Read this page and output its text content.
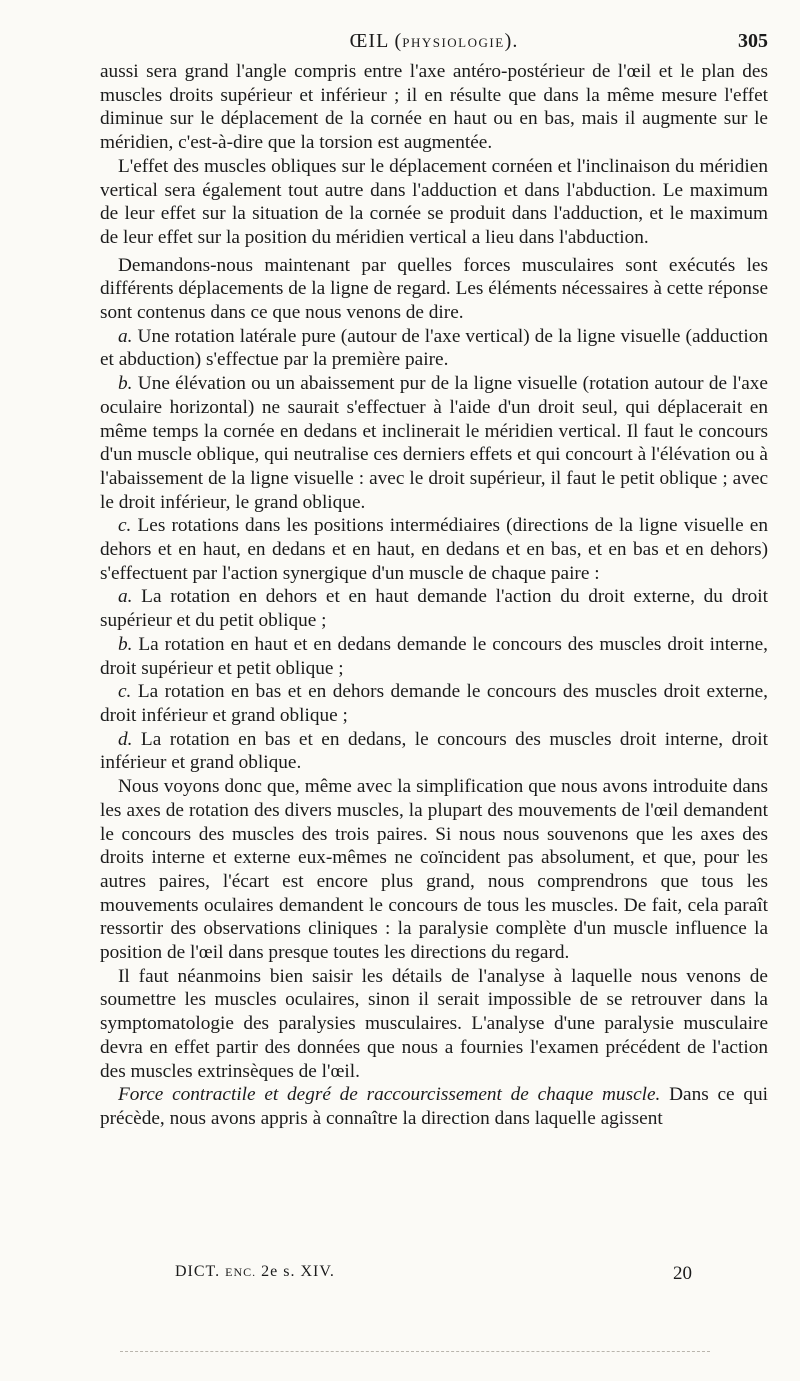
ŒIL (PHYSIOLOGIE).	305

aussi sera grand l'angle compris entre l'axe antéro-postérieur de l'œil et le plan des muscles droits supérieur et inférieur ; il en résulte que dans la même mesure l'effet diminue sur le déplacement de la cornée en haut ou en bas, mais il augmente sur le méridien, c'est-à-dire que la torsion est augmentée.

L'effet des muscles obliques sur le déplacement cornéen et l'inclinaison du méridien vertical sera également tout autre dans l'adduction et dans l'abduction. Le maximum de leur effet sur la situation de la cornée se produit dans l'adduction, et le maximum de leur effet sur la position du méridien vertical a lieu dans l'abduction.

Demandons-nous maintenant par quelles forces musculaires sont exécutés les différents déplacements de la ligne de regard. Les éléments nécessaires à cette réponse sont contenus dans ce que nous venons de dire.

a. Une rotation latérale pure (autour de l'axe vertical) de la ligne visuelle (adduction et abduction) s'effectue par la première paire.

b. Une élévation ou un abaissement pur de la ligne visuelle (rotation autour de l'axe oculaire horizontal) ne saurait s'effectuer à l'aide d'un droit seul, qui déplacerait en même temps la cornée en dedans et inclinerait le méridien vertical. Il faut le concours d'un muscle oblique, qui neutralise ces derniers effets et qui concourt à l'élévation ou à l'abaissement de la ligne visuelle : avec le droit supérieur, il faut le petit oblique ; avec le droit inférieur, le grand oblique.

c. Les rotations dans les positions intermédiaires (directions de la ligne visuelle en dehors et en haut, en dedans et en haut, en dedans et en bas, et en bas et en dehors) s'effectuent par l'action synergique d'un muscle de chaque paire :

a. La rotation en dehors et en haut demande l'action du droit externe, du droit supérieur et du petit oblique ;

b. La rotation en haut et en dedans demande le concours des muscles droit interne, droit supérieur et petit oblique ;

c. La rotation en bas et en dehors demande le concours des muscles droit externe, droit inférieur et grand oblique ;

d. La rotation en bas et en dedans, le concours des muscles droit interne, droit inférieur et grand oblique.

Nous voyons donc que, même avec la simplification que nous avons introduite dans les axes de rotation des divers muscles, la plupart des mouvements de l'œil demandent le concours des muscles des trois paires. Si nous nous souvenons que les axes des droits interne et externe eux-mêmes ne coïncident pas absolument, et que, pour les autres paires, l'écart est encore plus grand, nous comprendrons que tous les mouvements oculaires demandent le concours de tous les muscles. De fait, cela paraît ressortir des observations cliniques : la paralysie complète d'un muscle influence la position de l'œil dans presque toutes les directions du regard.

Il faut néanmoins bien saisir les détails de l'analyse à laquelle nous venons de soumettre les muscles oculaires, sinon il serait impossible de se retrouver dans la symptomatologie des paralysies musculaires. L'analyse d'une paralysie musculaire devra en effet partir des données que nous a fournies l'examen précédent de l'action des muscles extrinsèques de l'œil.

Force contractile et degré de raccourcissement de chaque muscle. Dans ce qui précède, nous avons appris à connaître la direction dans laquelle agissent

DICT. ENC. 2e s. XIV.	20
